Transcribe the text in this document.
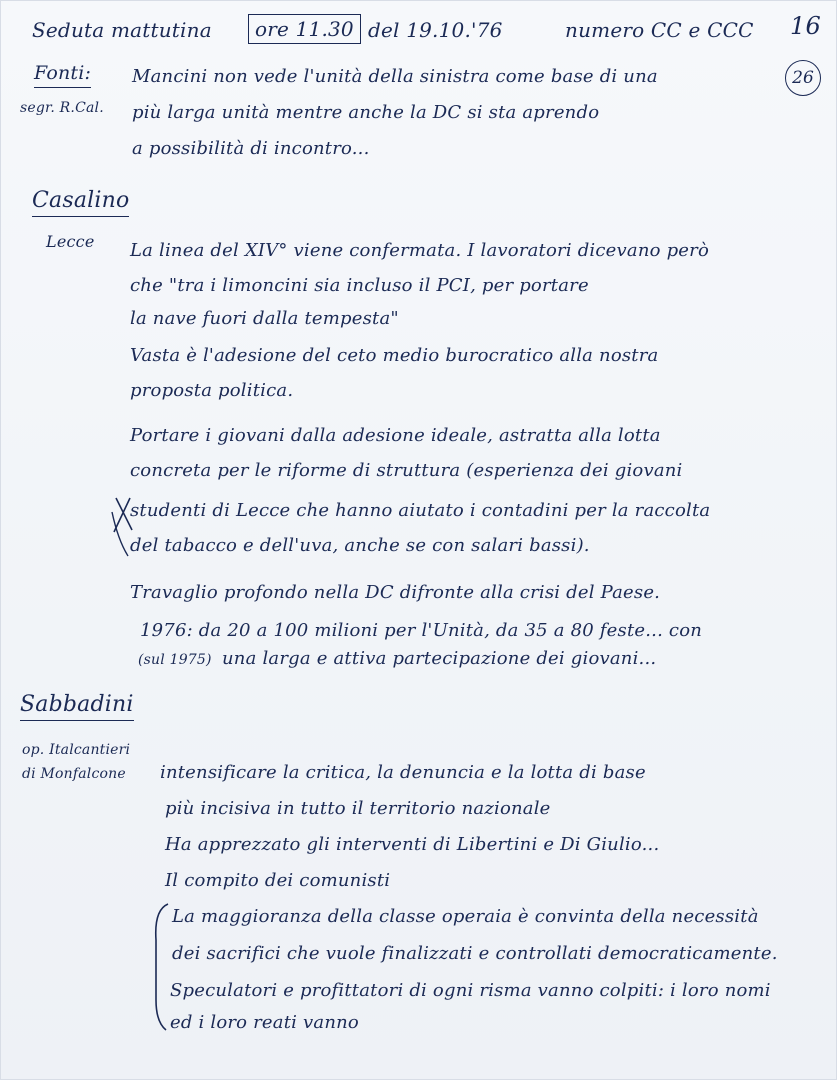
Seduta mattutina	ore 11.30 del 19.10.'76	numero CC e CCC 16

26

Fonti:

segr. R.Cal.

Mancini non vede l'unità della sinistra come base di una

più larga unità mentre anche la DC si sta aprendo

a possibilità di incontro...

Casalino

Lecce La linea del XIV° viene confermata. I lavoratori dicevano però

che "tra i limoncini sia incluso il PCI, per portare

la nave fuori dalla tempesta"

Vasta è l'adesione del ceto medio burocratico alla nostra

proposta politica.

Portare i giovani dalla adesione ideale, astratta alla lotta

concreta per le riforme di struttura (esperienza dei giovani

studenti di Lecce che hanno aiutato i contadini per la raccolta

del tabacco e dell'uva, anche se con salari bassi).

Travaglio profondo nella DC difronte alla crisi del Paese.

1976: da 20 a 100 milioni per l'Unità, da 35 a 80 feste... con

(sul 1975) una larga e attiva partecipazione dei giovani...

Sabbadini

op. Italcantieri

di Monfalcone intensificare la critica, la denuncia e la lotta di base

più incisiva in tutto il territorio nazionale

Ha apprezzato gli interventi di Libertini e Di Giulio...

Il compito dei comunisti

La maggioranza della classe operaia è convinta della necessità

dei sacrifici che vuole finalizzati e controllati democraticamente.

Speculatori e profittatori di ogni risma vanno colpiti: i loro nomi

ed i loro reati vanno
